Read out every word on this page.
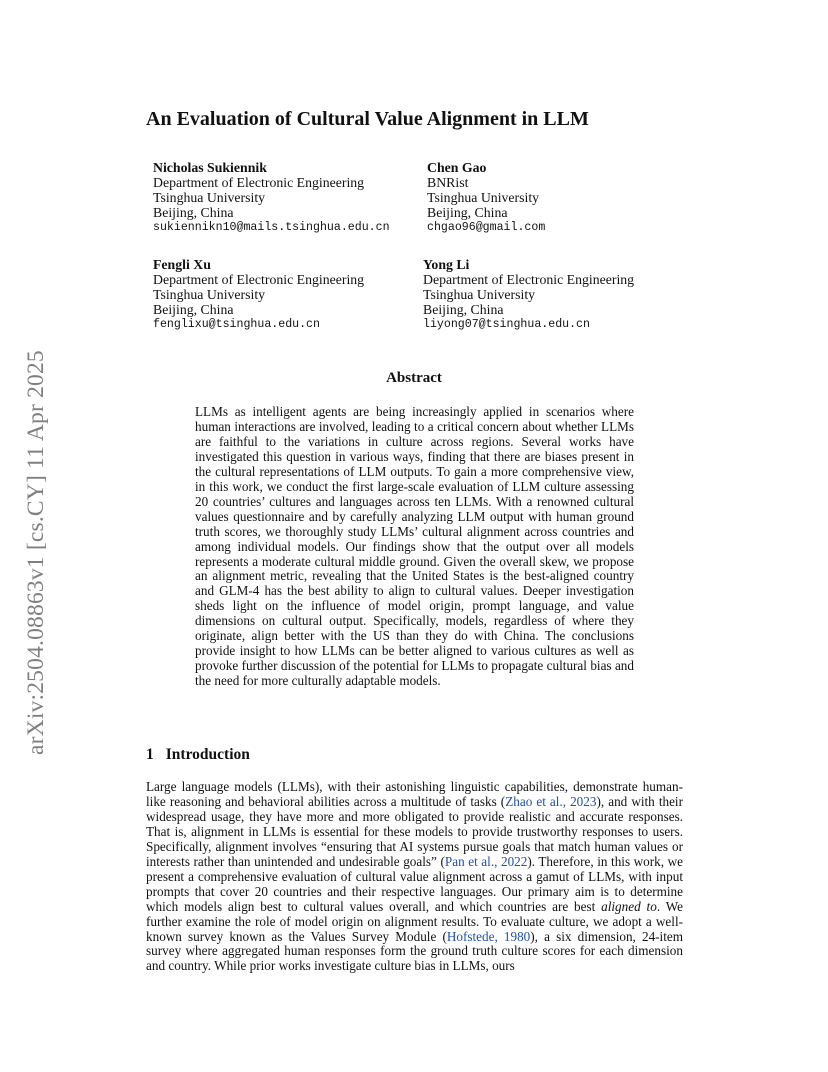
arXiv:2504.08863v1 [cs.CY] 11 Apr 2025
An Evaluation of Cultural Value Alignment in LLM
Nicholas Sukiennik
Department of Electronic Engineering
Tsinghua University
Beijing, China
sukiennikn10@mails.tsinghua.edu.cn
Chen Gao
BNRist
Tsinghua University
Beijing, China
chgao96@gmail.com
Fengli Xu
Department of Electronic Engineering
Tsinghua University
Beijing, China
fenglixu@tsinghua.edu.cn
Yong Li
Department of Electronic Engineering
Tsinghua University
Beijing, China
liyong07@tsinghua.edu.cn
Abstract

LLMs as intelligent agents are being increasingly applied in scenarios where human interactions are involved, leading to a critical concern about whether LLMs are faithful to the variations in culture across regions. Several works have investigated this question in various ways, finding that there are biases present in the cultural representations of LLM outputs. To gain a more comprehensive view, in this work, we conduct the first large-scale evaluation of LLM culture assessing 20 countries’ cultures and languages across ten LLMs. With a renowned cultural values questionnaire and by carefully analyzing LLM output with human ground truth scores, we thoroughly study LLMs’ cultural alignment across countries and among individual models. Our findings show that the output over all models represents a moderate cultural middle ground. Given the overall skew, we propose an alignment metric, revealing that the United States is the best-aligned country and GLM-4 has the best ability to align to cultural values. Deeper investigation sheds light on the influence of model origin, prompt language, and value dimensions on cultural output. Specifically, models, regardless of where they originate, align better with the US than they do with China. The conclusions provide insight to how LLMs can be better aligned to various cultures as well as provoke further discussion of the potential for LLMs to propagate cultural bias and the need for more culturally adaptable models.

1 Introduction

Large language models (LLMs), with their astonishing linguistic capabilities, demonstrate human-like reasoning and behavioral abilities across a multitude of tasks (Zhao et al., 2023), and with their widespread usage, they have more and more obligated to provide realistic and accurate responses. That is, alignment in LLMs is essential for these models to provide trustworthy responses to users. Specifically, alignment involves “ensuring that AI systems pursue goals that match human values or interests rather than unintended and undesirable goals” (Pan et al., 2022). Therefore, in this work, we present a comprehensive evaluation of cultural value alignment across a gamut of LLMs, with input prompts that cover 20 countries and their respective languages. Our primary aim is to determine which models align best to cultural values overall, and which countries are best aligned to. We further examine the role of model origin on alignment results. To evaluate culture, we adopt a well-known survey known as the Values Survey Module (Hofstede, 1980), a six dimension, 24-item survey where aggregated human responses form the ground truth culture scores for each dimension and country. While prior works investigate culture bias in LLMs, ours
